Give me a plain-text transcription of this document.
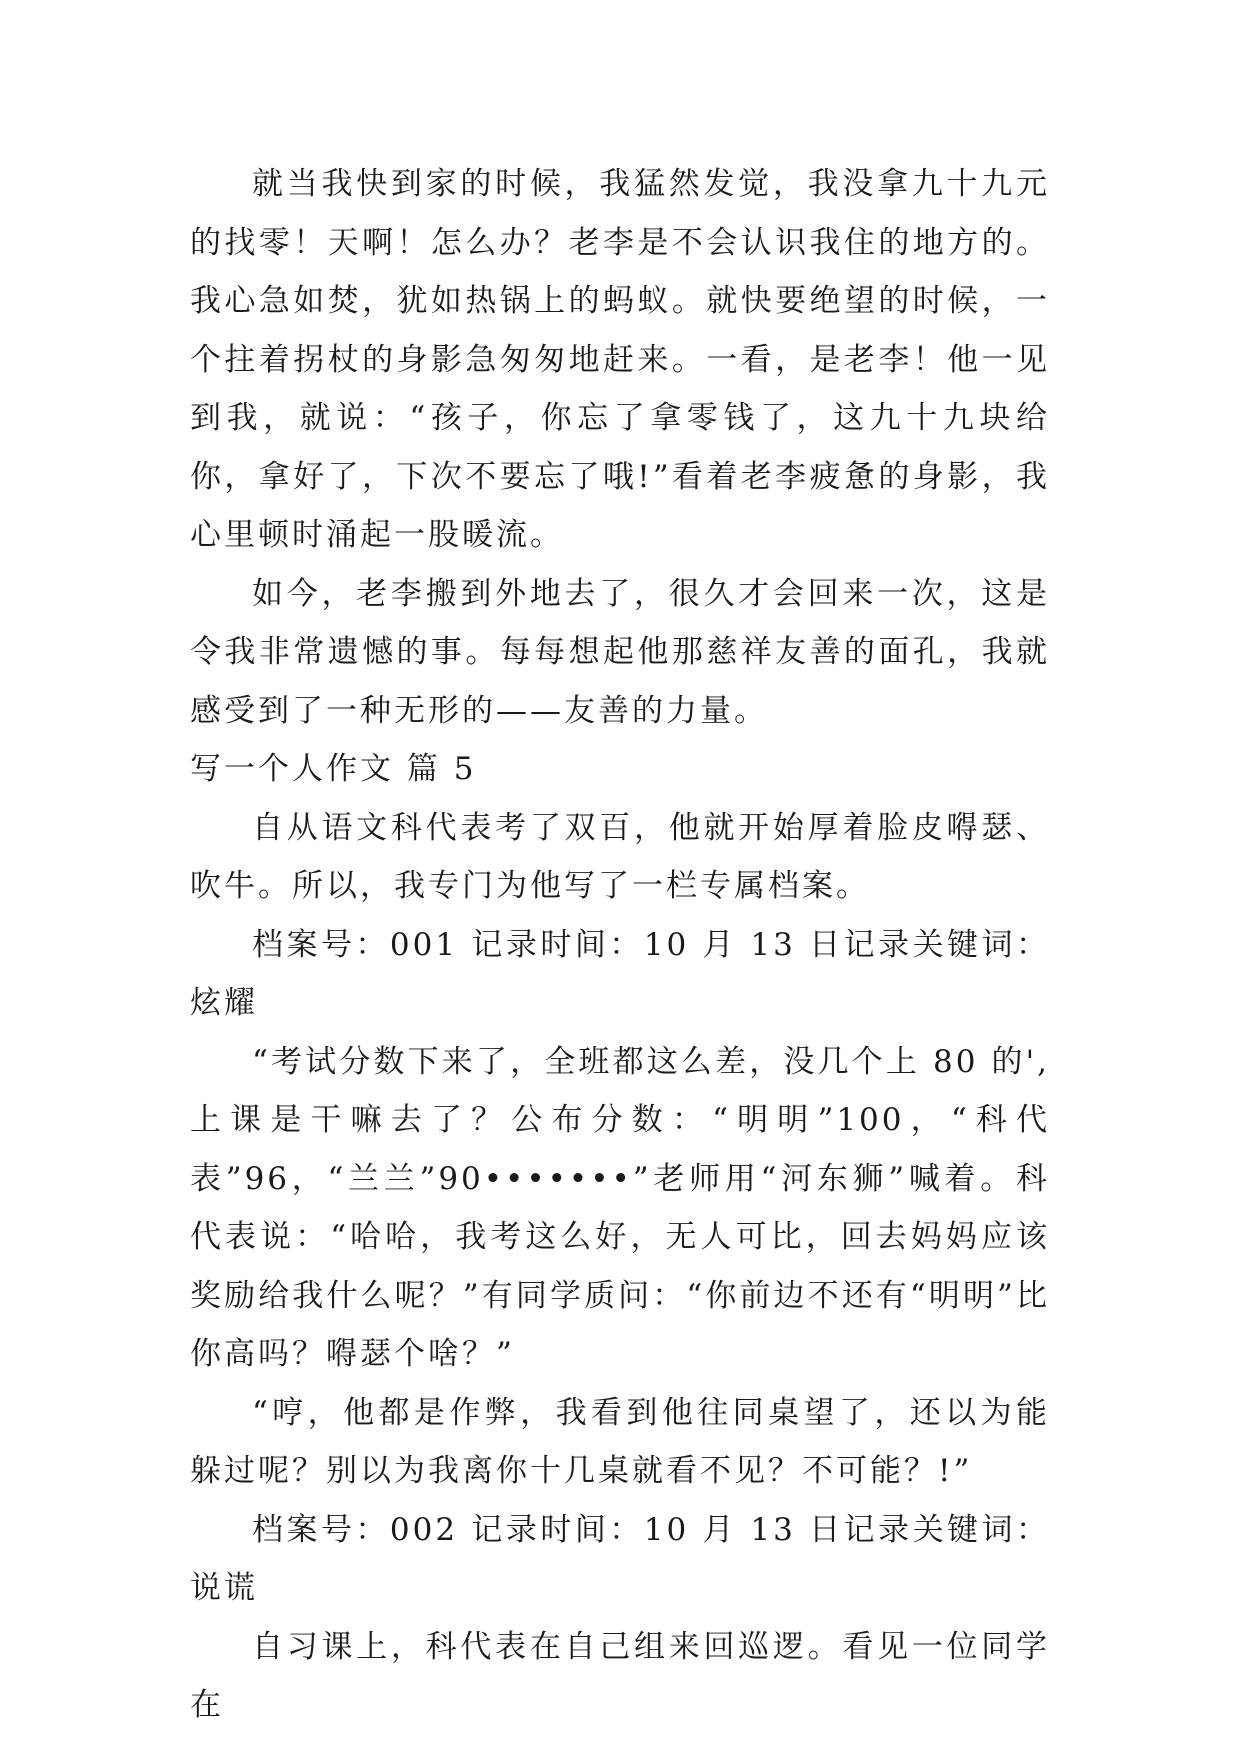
就当我快到家的时候，我猛然发觉，我没拿九十九元的找零！天啊！怎么办？老李是不会认识我住的地方的。我心急如焚，犹如热锅上的蚂蚁。就快要绝望的时候，一个拄着拐杖的身影急匆匆地赶来。一看，是老李！他一见到我，就说：“孩子，你忘了拿零钱了，这九十九块给你，拿好了，下次不要忘了哦!”看着老李疲惫的身影，我心里顿时涌起一股暖流。

如今，老李搬到外地去了，很久才会回来一次，这是令我非常遗憾的事。每每想起他那慈祥友善的面孔，我就感受到了一种无形的——友善的力量。

写一个人作文 篇 5

自从语文科代表考了双百，他就开始厚着脸皮嘚瑟、吹牛。所以，我专门为他写了一栏专属档案。

档案号：001 记录时间：10 月 13 日记录关键词：炫耀

“考试分数下来了，全班都这么差，没几个上 80 的',上课是干嘛去了？公布分数：“明明”100，“科代表”96，“兰兰”90•••••••”老师用“河东狮”喊着。科代表说：“哈哈，我考这么好，无人可比，回去妈妈应该奖励给我什么呢？”有同学质问：“你前边不还有“明明”比你高吗？嘚瑟个啥？”

“哼，他都是作弊，我看到他往同桌望了，还以为能躲过呢？别以为我离你十几桌就看不见？不可能？!”

档案号：002 记录时间：10 月 13 日记录关键词：说谎

自习课上，科代表在自己组来回巡逻。看见一位同学在
